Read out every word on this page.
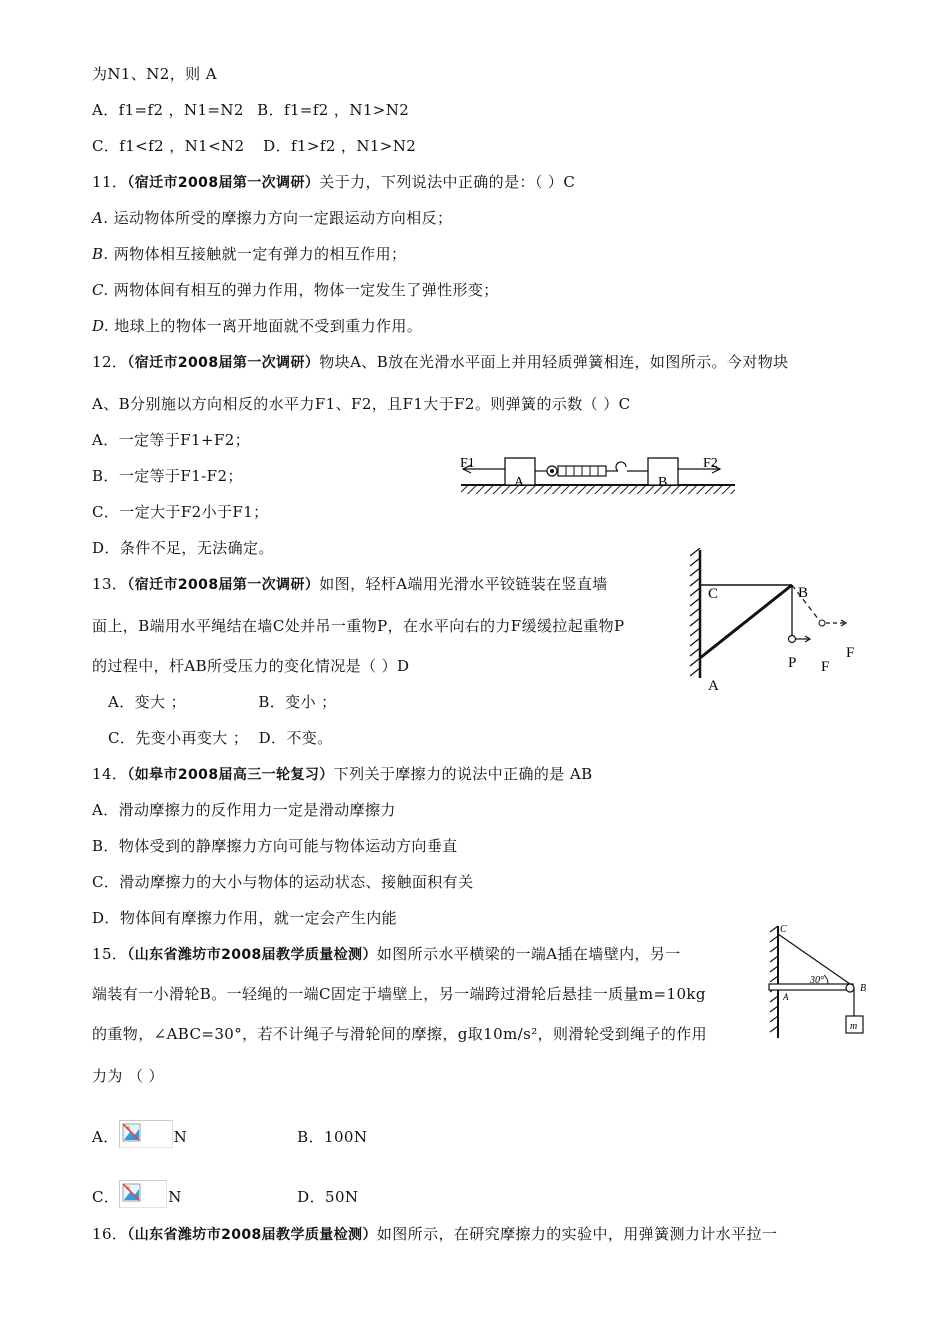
为N1、N2，则 A
A．f1=f2 ，N1=N2 B．f1=f2 ，N1>N2
C．f1<f2 ，N1<N2 D．f1>f2 ，N1>N2
11．（宿迁市2008届第一次调研）关于力，下列说法中正确的是：（ ）C
A. 运动物体所受的摩擦力方向一定跟运动方向相反；
B. 两物体相互接触就一定有弹力的相互作用；
C. 两物体间有相互的弹力作用，物体一定发生了弹性形变；
D. 地球上的物体一离开地面就不受到重力作用。
12．（宿迁市2008届第一次调研）物块A、B放在光滑水平面上并用轻质弹簧相连，如图所示。今对物块
A、B分别施以方向相反的水平力F1、F2，且F1大于F2。则弹簧的示数（ ）C
A．一定等于F1+F2；
B．一定等于F1-F2；
C．一定大于F2小于F1；
D．条件不足，无法确定。
F1
A	B
F2
13．（宿迁市2008届第一次调研）如图，轻杆A端用光滑水平铰链装在竖直墙
面上，B端用水平绳结在墙C处并吊一重物P，在水平向右的力F缓缓拉起重物P
的过程中，杆AB所受压力的变化情况是（ ）D
A．变大 ；              B．变小 ；
C．先变小再变大 ；  D．不变。
C	B
P F
F
A
14．（如皋市2008届高三一轮复习）下列关于摩擦力的说法中正确的是 AB
A．滑动摩擦力的反作用力一定是滑动摩擦力
B．物体受到的静摩擦力方向可能与物体运动方向垂直
C．滑动摩擦力的大小与物体的运动状态、接触面积有关
D．物体间有摩擦力作用，就一定会产生内能
15．（山东省潍坊市2008届教学质量检测）如图所示水平横梁的一端A插在墙壁内，另一
端装有一小滑轮B。一轻绳的一端C固定于墙壁上，另一端跨过滑轮后悬挂一质量m=10kg
的重物，∠ABC=30°，若不计绳子与滑轮间的摩擦，g取10m/s²，则滑轮受到绳子的作用
力为 （ ）
A．	N	B．100N
C．	N	D．50N
C
30°
A
B
m
16．（山东省潍坊市2008届教学质量检测）如图所示，在研究摩擦力的实验中，用弹簧测力计水平拉一
